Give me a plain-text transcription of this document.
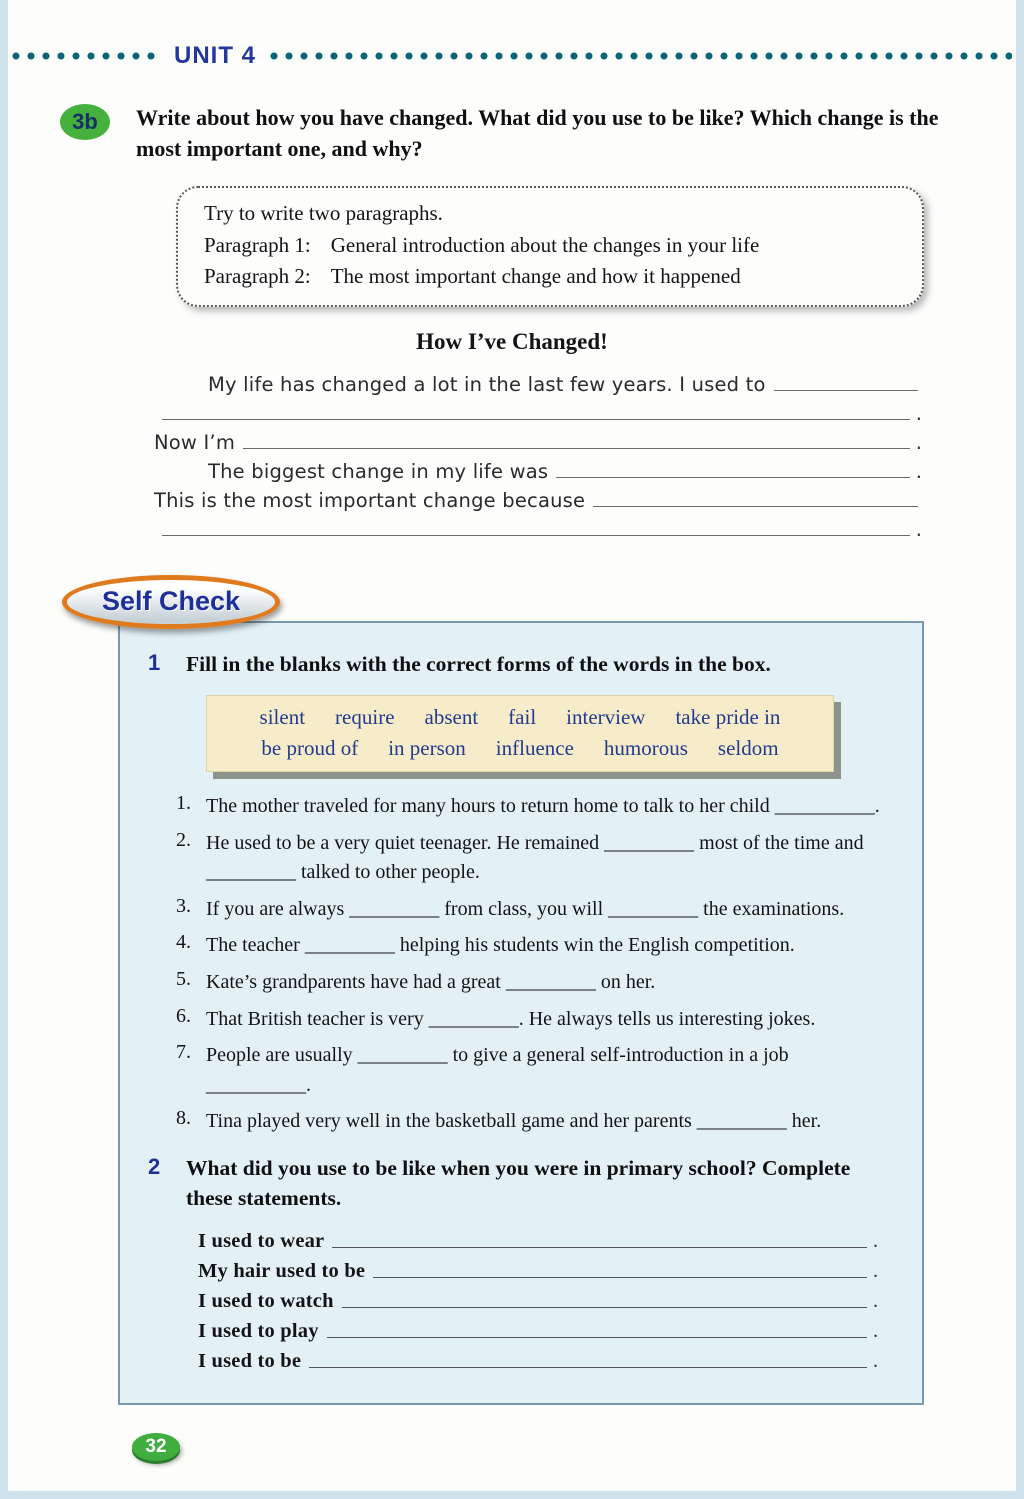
UNIT 4
3b	Write about how you have changed. What did you use to be like? Which change is the most important one, and why?

Try to write two paragraphs.

Paragraph 1: General introduction about the changes in your life

Paragraph 2: The most important change and how it happened

How I’ve Changed!
My life has changed a lot in the last few years. I used to
.
Now I’m	.
The biggest change in my life was	.
This is the most important change because
.
Self Check
1	Fill in the blanks with the correct forms of the words in the box.
silent require absent fail interview take pride in
be proud of in person influence humorous seldom
1. The mother traveled for many hours to return home to talk to her child __________.
2. He used to be a very quiet teenager. He remained _________ most of the time and _________ talked to other people.
3. If you are always _________ from class, you will _________ the examinations.
4. The teacher _________ helping his students win the English competition.
5. Kate’s grandparents have had a great _________ on her.
6. That British teacher is very _________. He always tells us interesting jokes.
7. People are usually _________ to give a general self-introduction in a job __________.
8. Tina played very well in the basketball game and her parents _________ her.
2	What did you use to be like when you were in primary school? Complete these statements.
I used to wear	.
My hair used to be	.
I used to watch	.
I used to play	.
I used to be	.
32
